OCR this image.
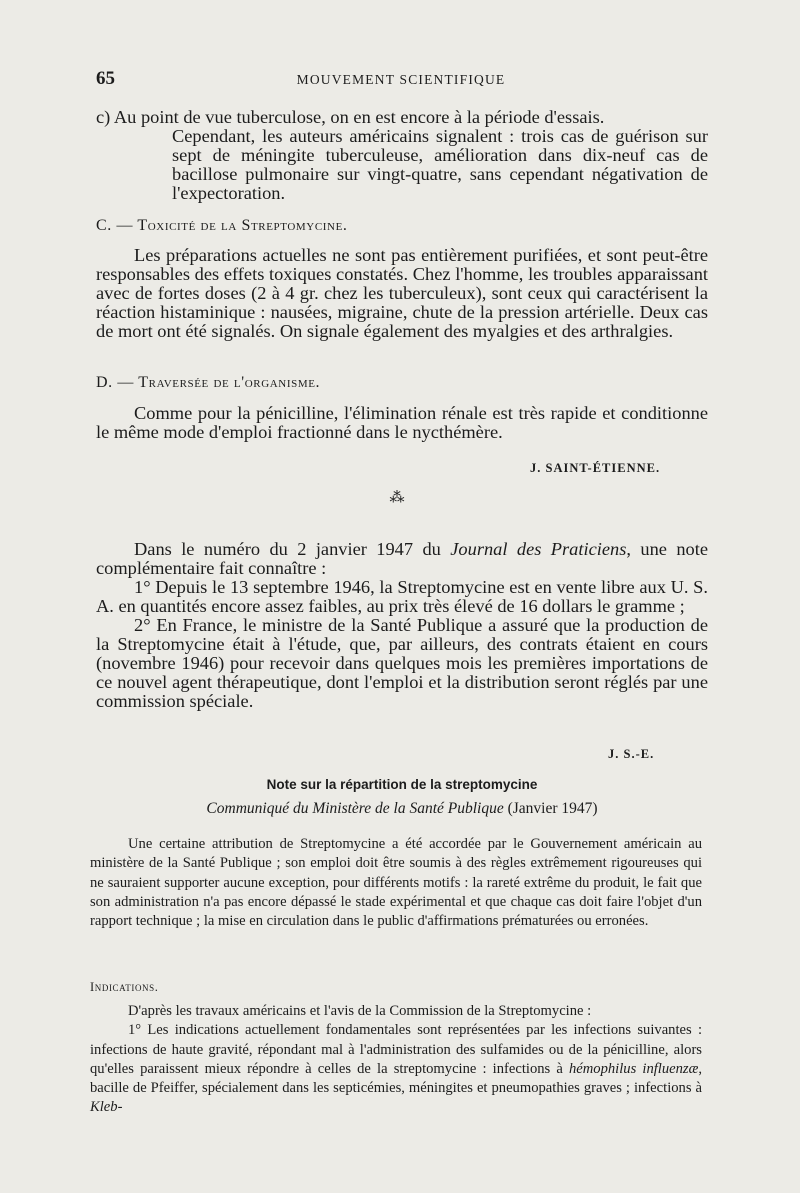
65	MOUVEMENT SCIENTIFIQUE
c) Au point de vue tuberculose, on en est encore à la période d'essais.
Cependant, les auteurs américains signalent : trois cas de guérison sur sept de méningite tuberculeuse, amélioration dans dix-neuf cas de bacillose pulmonaire sur vingt-quatre, sans cependant négativation de l'expectoration.
C. — Toxicité de la Streptomycine.

Les préparations actuelles ne sont pas entièrement purifiées, et sont peut-être responsables des effets toxiques constatés. Chez l'homme, les troubles apparaissant avec de fortes doses (2 à 4 gr. chez les tuberculeux), sont ceux qui caractérisent la réaction histaminique : nausées, migraine, chute de la pression artérielle. Deux cas de mort ont été signalés. On signale également des myalgies et des arthralgies.

D. — Traversée de l'organisme.

Comme pour la pénicilline, l'élimination rénale est très rapide et conditionne le même mode d'emploi fractionné dans le nycthémère.

J. SAINT-ÉTIENNE.
⁂

Dans le numéro du 2 janvier 1947 du Journal des Praticiens, une note complémentaire fait connaître :

1° Depuis le 13 septembre 1946, la Streptomycine est en vente libre aux U. S. A. en quantités encore assez faibles, au prix très élevé de 16 dollars le gramme ;

2° En France, le ministre de la Santé Publique a assuré que la production de la Streptomycine était à l'étude, que, par ailleurs, des contrats étaient en cours (novembre 1946) pour recevoir dans quelques mois les premières importations de ce nouvel agent thérapeutique, dont l'emploi et la distribution seront réglés par une commission spéciale.

J. S.-E.
Note sur la répartition de la streptomycine
Communiqué du Ministère de la Santé Publique (Janvier 1947)

Une certaine attribution de Streptomycine a été accordée par le Gouvernement américain au ministère de la Santé Publique ; son emploi doit être soumis à des règles extrêmement rigoureuses qui ne sauraient supporter aucune exception, pour différents motifs : la rareté extrême du produit, le fait que son administration n'a pas encore dépassé le stade expérimental et que chaque cas doit faire l'objet d'un rapport technique ; la mise en circulation dans le public d'affirmations prématurées ou erronées.

Indications.

D'après les travaux américains et l'avis de la Commission de la Streptomycine :

1° Les indications actuellement fondamentales sont représentées par les infections suivantes : infections de haute gravité, répondant mal à l'administration des sulfamides ou de la pénicilline, alors qu'elles paraissent mieux répondre à celles de la streptomycine : infections à hémophilus influenzæ, bacille de Pfeiffer, spécialement dans les septicémies, méningites et pneumopathies graves ; infections à Kleb-
